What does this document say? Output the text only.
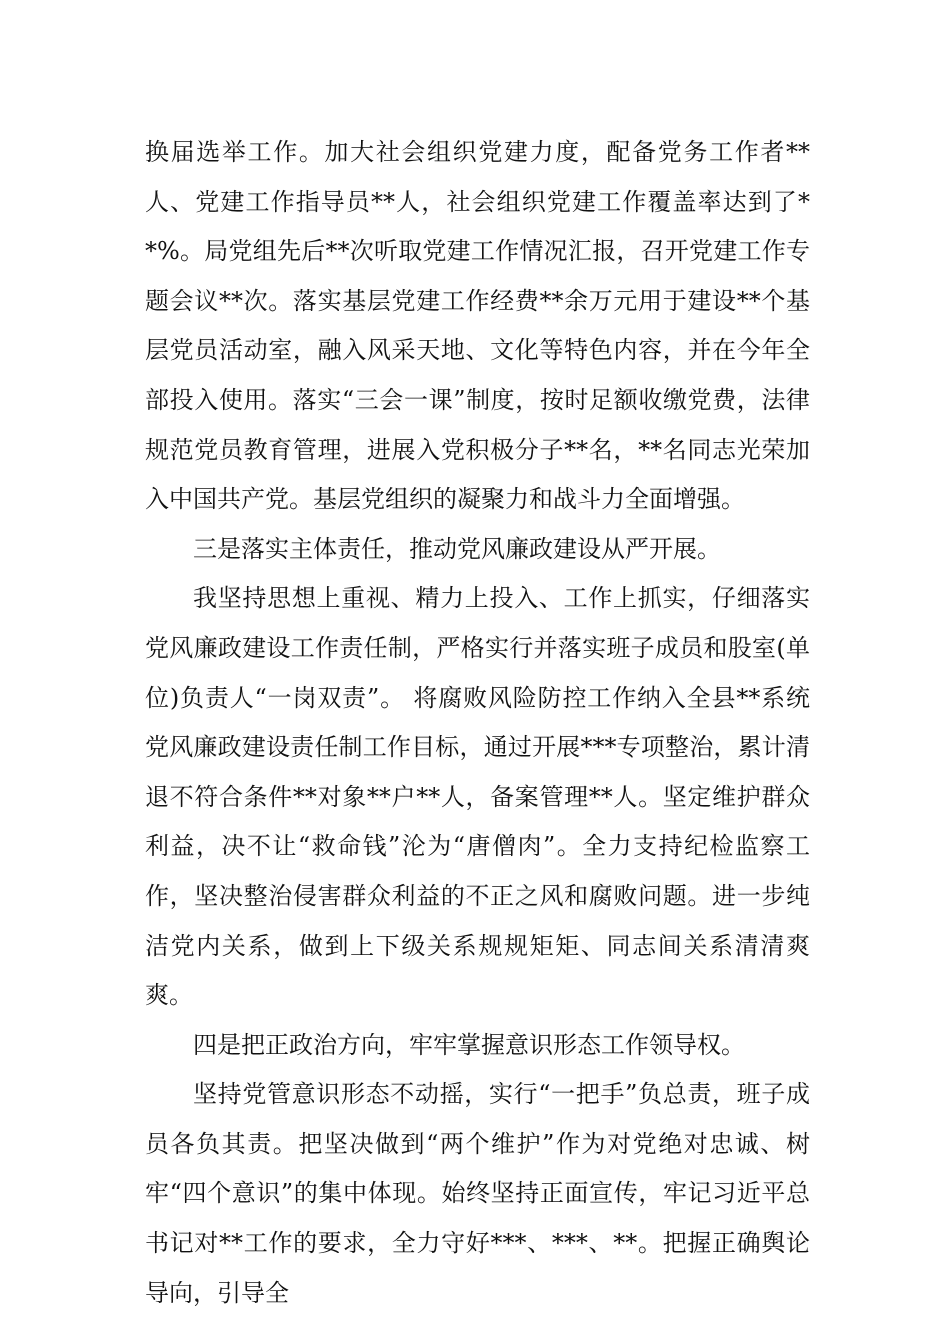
换届选举工作。加大社会组织党建力度，配备党务工作者**人、党建工作指导员**人，社会组织党建工作覆盖率达到了**%。局党组先后**次听取党建工作情况汇报，召开党建工作专题会议**次。落实基层党建工作经费**余万元用于建设**个基层党员活动室，融入风采天地、文化等特色内容，并在今年全部投入使用。落实“三会一课”制度，按时足额收缴党费，法律规范党员教育管理，进展入党积极分子**名，**名同志光荣加入中国共产党。基层党组织的凝聚力和战斗力全面增强。

三是落实主体责任，推动党风廉政建设从严开展。

我坚持思想上重视、精力上投入、工作上抓实，仔细落实党风廉政建设工作责任制，严格实行并落实班子成员和股室(单位)负责人“一岗双责”。 将腐败风险防控工作纳入全县**系统党风廉政建设责任制工作目标，通过开展***专项整治，累计清退不符合条件**对象**户**人，备案管理**人。坚定维护群众利益，决不让“救命钱”沦为“唐僧肉”。全力支持纪检监察工作，坚决整治侵害群众利益的不正之风和腐败问题。进一步纯洁党内关系，做到上下级关系规规矩矩、同志间关系清清爽爽。

四是把正政治方向，牢牢掌握意识形态工作领导权。

坚持党管意识形态不动摇，实行“一把手”负总责，班子成员各负其责。把坚决做到“两个维护”作为对党绝对忠诚、树牢“四个意识”的集中体现。始终坚持正面宣传，牢记习近平总书记对**工作的要求，全力守好***、***、**。把握正确舆论导向，引导全
